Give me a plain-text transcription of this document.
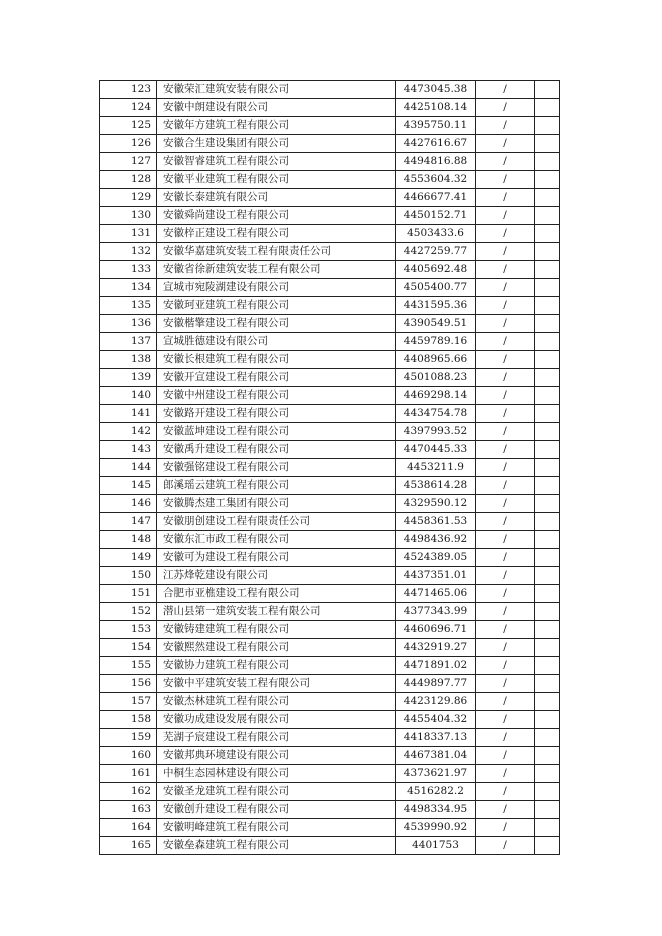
123	安徽荣汇建筑安装有限公司	4473045.38	/	
124	安徽中朗建设有限公司	4425108.14	/	
125	安徽年方建筑工程有限公司	4395750.11	/	
126	安徽合生建设集团有限公司	4427616.67	/	
127	安徽智睿建筑工程有限公司	4494816.88	/	
128	安徽平业建筑工程有限公司	4553604.32	/	
129	安徽长泰建筑有限公司	4466677.41	/	
130	安徽舜尚建设工程有限公司	4450152.71	/	
131	安徽梓正建设工程有限公司	4503433.6	/	
132	安徽华嘉建筑安装工程有限责任公司	4427259.77	/	
133	安徽省徐新建筑安装工程有限公司	4405692.48	/	
134	宣城市宛陵湖建设有限公司	4505400.77	/	
135	安徽珂亚建筑工程有限公司	4431595.36	/	
136	安徽楷擎建设工程有限公司	4390549.51	/	
137	宣城胜德建设有限公司	4459789.16	/	
138	安徽长根建筑工程有限公司	4408965.66	/	
139	安徽开宣建设工程有限公司	4501088.23	/	
140	安徽中州建设工程有限公司	4469298.14	/	
141	安徽路开建设工程有限公司	4434754.78	/	
142	安徽蓝坤建设工程有限公司	4397993.52	/	
143	安徽禹升建设工程有限公司	4470445.33	/	
144	安徽强铭建设工程有限公司	4453211.9	/	
145	郎溪瑶云建筑工程有限公司	4538614.28	/	
146	安徽腾杰建工集团有限公司	4329590.12	/	
147	安徽朋创建设工程有限责任公司	4458361.53	/	
148	安徽东汇市政工程有限公司	4498436.92	/	
149	安徽可为建设工程有限公司	4524389.05	/	
150	江苏烽乾建设有限公司	4437351.01	/	
151	合肥市亚樵建设工程有限公司	4471465.06	/	
152	潜山县第一建筑安装工程有限公司	4377343.99	/	
153	安徽铸建建筑工程有限公司	4460696.71	/	
154	安徽熙然建设工程有限公司	4432919.27	/	
155	安徽协力建筑工程有限公司	4471891.02	/	
156	安徽中平建筑安装工程有限公司	4449897.77	/	
157	安徽杰林建筑工程有限公司	4423129.86	/	
158	安徽功成建设发展有限公司	4455404.32	/	
159	芜湖子宸建设工程有限公司	4418337.13	/	
160	安徽邦典环境建设有限公司	4467381.04	/	
161	中桐生态园林建设有限公司	4373621.97	/	
162	安徽圣龙建筑工程有限公司	4516282.2	/	
163	安徽创升建设工程有限公司	4498334.95	/	
164	安徽明峰建筑工程有限公司	4539990.92	/	
165	安徽垒森建筑工程有限公司	4401753	/	
